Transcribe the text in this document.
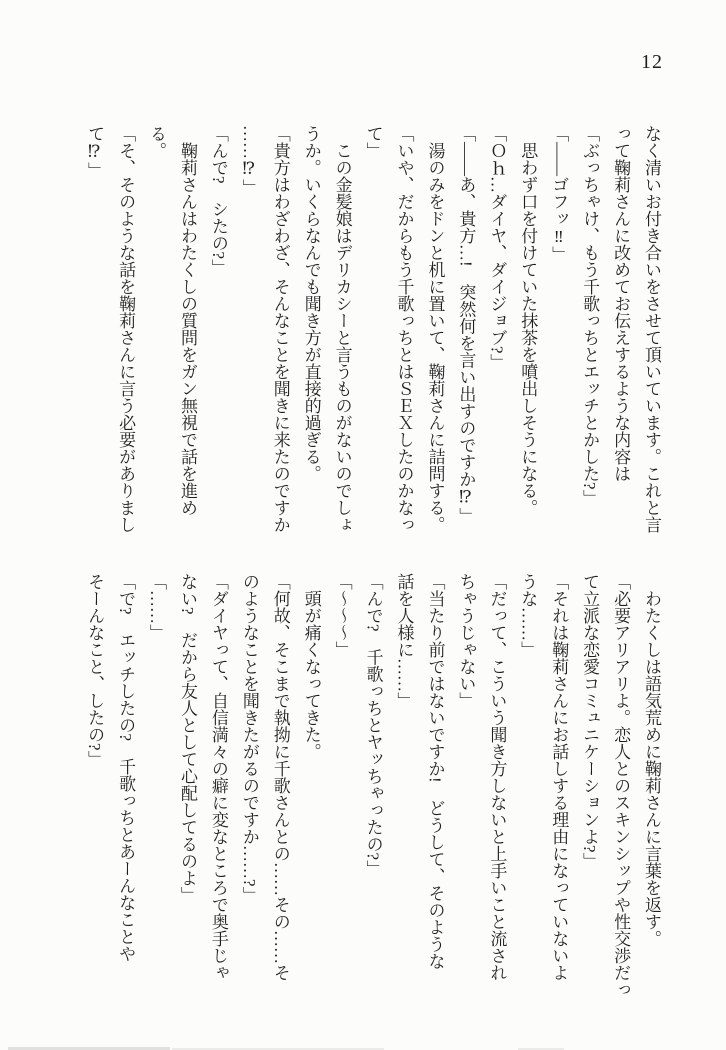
12

なく清いお付き合いをさせて頂いています。これと言

って鞠莉さんに改めてお伝えするような内容は

「ぶっちゃけ、もう千歌っちとエッチとかした?」

「――ゴフッ‼」

思わず口を付けていた抹茶を噴出しそうになる。

「Ｏｈ…ダイヤ、ダイジョブ?」

「――あ、貴方…!　突然何を言い出すのですか⁉」

湯のみをドンと机に置いて、鞠莉さんに詰問する。

「いや、だからもう千歌っちとはＳＥＸしたのかなっ

て」

この金髪娘はデリカシーと言うものがないのでしょ

うか。いくらなんでも聞き方が直接的過ぎる。

「貴方はわざわざ、そんなことを聞きに来たのですか

……⁉」

「んで?　シたの?」

鞠莉さんはわたくしの質問をガン無視で話を進め

る。

「そ、そのような話を鞠莉さんに言う必要がありまし

て⁉」

わたくしは語気荒めに鞠莉さんに言葉を返す。

「必要アリアリよ。恋人とのスキンシップや性交渉だっ

て立派な恋愛コミュニケーションよ?」

「それは鞠莉さんにお話しする理由になっていないよ

うな……」

「だって、こういう聞き方しないと上手いこと流され

ちゃうじゃない」

「当たり前ではないですか!　どうして、そのような

話を人様に……」

「んで?　千歌っちとヤッちゃったの?」

「〜〜〜」

頭が痛くなってきた。

「何故、そこまで執拗に千歌さんとの……その……そ

のようなことを聞きたがるのですか……?」

「ダイヤって、自信満々の癖に変なところで奥手じゃ

ない?　だから友人として心配してるのよ」

「……」

「で?　エッチしたの?　千歌っちとあーんなことや

そーんなこと、したの?」
